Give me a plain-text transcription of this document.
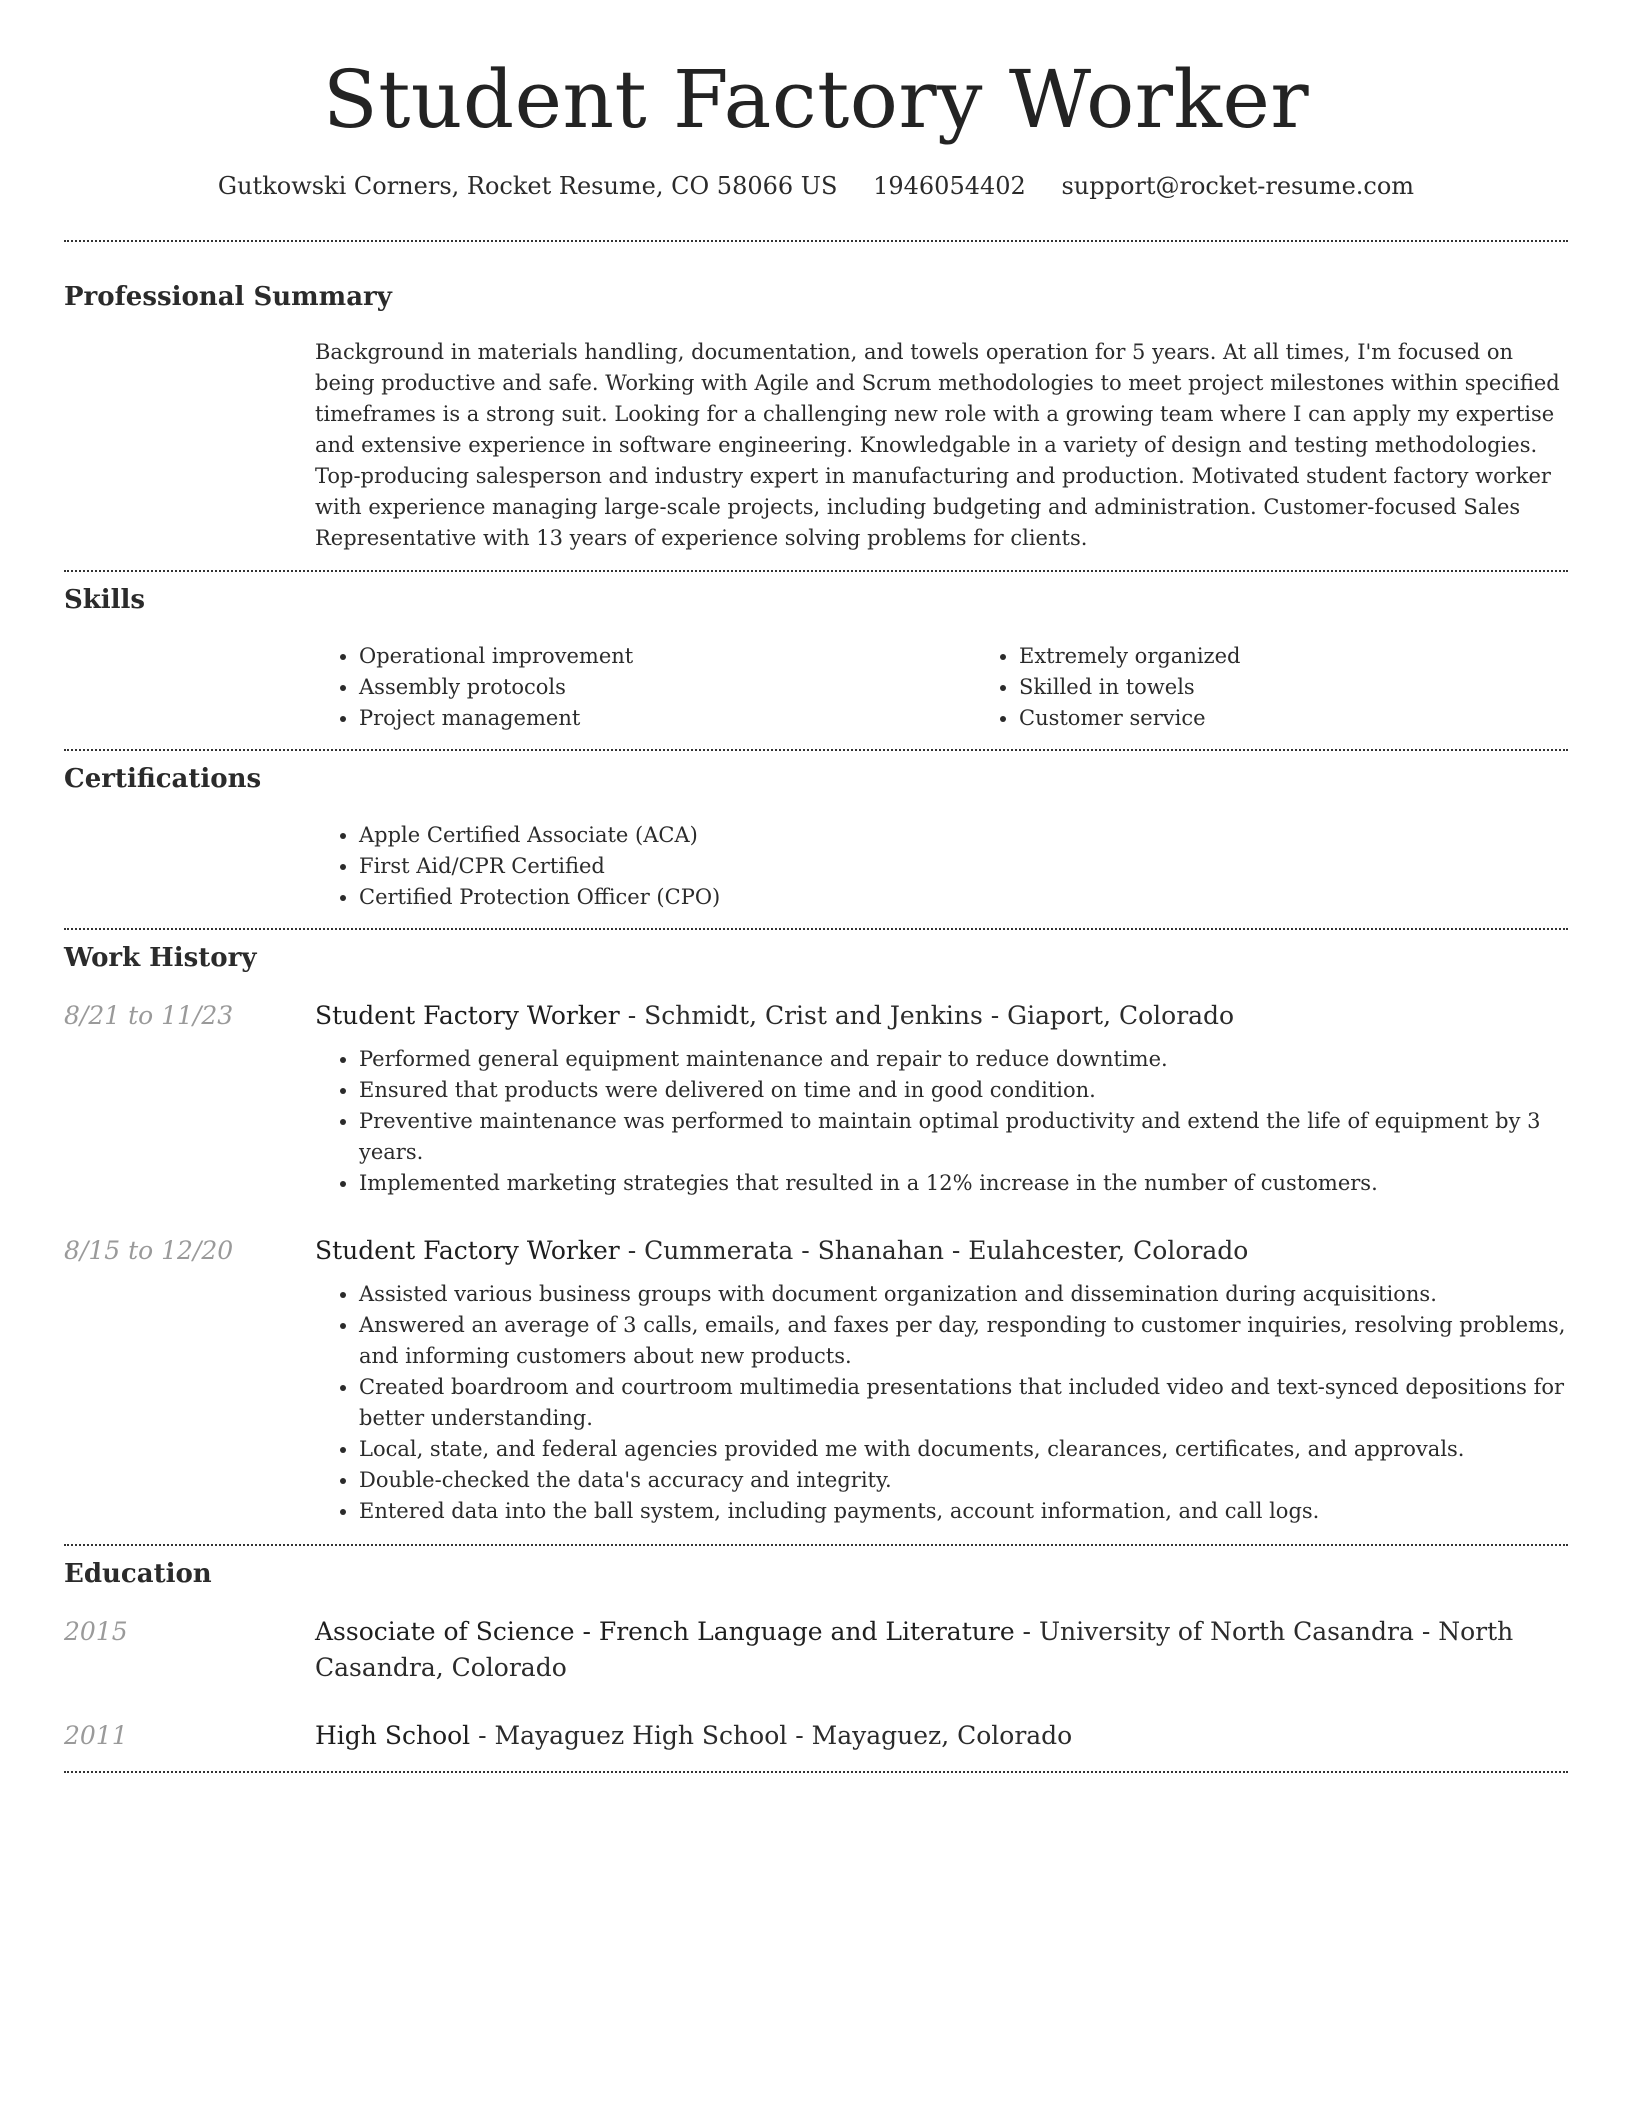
Student Factory Worker
Gutkowski Corners, Rocket Resume, CO 58066 US 1946054402 support@rocket-resume.com
Professional Summary

Background in materials handling, documentation, and towels operation for 5 years. At all times, I'm focused on being productive and safe. Working with Agile and Scrum methodologies to meet project milestones within specified timeframes is a strong suit. Looking for a challenging new role with a growing team where I can apply my expertise and extensive experience in software engineering. Knowledgable in a variety of design and testing methodologies. Top-producing salesperson and industry expert in manufacturing and production. Motivated student factory worker with experience managing large-scale projects, including budgeting and administration. Customer-focused Sales Representative with 13 years of experience solving problems for clients.

Skills
• Operational improvement
• Assembly protocols
• Project management
• Extremely organized
• Skilled in towels
• Customer service
Certifications
• Apple Certified Associate (ACA)
• First Aid/CPR Certified
• Certified Protection Officer (CPO)
Work History
8/21 to 11/23	Student Factory Worker - Schmidt, Crist and Jenkins - Giaport, Colorado
• Performed general equipment maintenance and repair to reduce downtime.
• Ensured that products were delivered on time and in good condition.
• Preventive maintenance was performed to maintain optimal productivity and extend the life of equipment by 3 years.
• Implemented marketing strategies that resulted in a 12% increase in the number of customers.
8/15 to 12/20	Student Factory Worker - Cummerata - Shanahan - Eulahcester, Colorado
• Assisted various business groups with document organization and dissemination during acquisitions.
• Answered an average of 3 calls, emails, and faxes per day, responding to customer inquiries, resolving problems, and informing customers about new products.
• Created boardroom and courtroom multimedia presentations that included video and text-synced depositions for better understanding.
• Local, state, and federal agencies provided me with documents, clearances, certificates, and approvals.
• Double-checked the data's accuracy and integrity.
• Entered data into the ball system, including payments, account information, and call logs.
Education
2015	Associate of Science - French Language and Literature - University of North Casandra - North Casandra, Colorado
2011	High School - Mayaguez High School - Mayaguez, Colorado
